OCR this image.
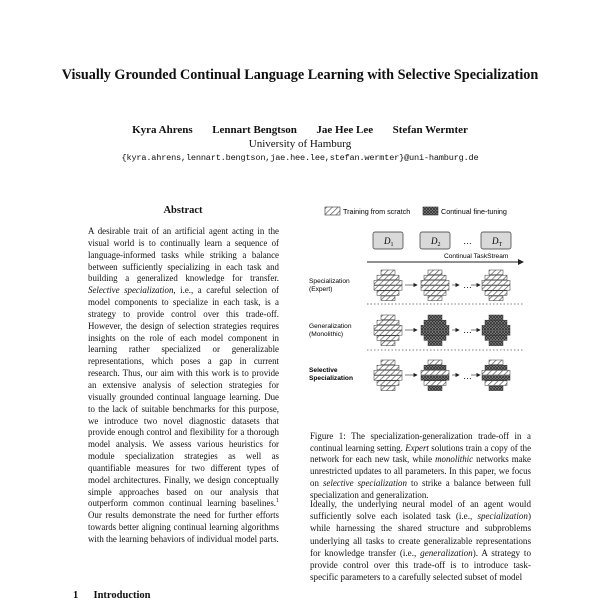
Visually Grounded Continual Language Learning with Selective Specialization
Kyra Ahrens Lennart Bengtson Jae Hee Lee Stefan Wermter
University of Hamburg
{kyra.ahrens,lennart.bengtson,jae.hee.lee,stefan.wermter}@uni-hamburg.de
Abstract

A desirable trait of an artificial agent acting in the visual world is to continually learn a sequence of language-informed tasks while striking a balance between sufficiently specializing in each task and building a generalized knowledge for transfer. Selective specialization, i.e., a careful selection of model components to specialize in each task, is a strategy to provide control over this trade-off. However, the design of selection strategies requires insights on the role of each model component in learning rather specialized or generalizable representations, which poses a gap in current research. Thus, our aim with this work is to provide an extensive analysis of selection strategies for visually grounded continual language learning. Due to the lack of suitable benchmarks for this purpose, we introduce two novel diagnostic datasets that provide enough control and flexibility for a thorough model analysis. We assess various heuristics for module specialization strategies as well as quantifiable measures for two different types of model architectures. Finally, we design conceptually simple approaches based on our analysis that outperform common continual learning baselines.$^1$ Our results demonstrate the need for further efforts towards better aligning continual learning algorithms with the learning behaviors of individual model parts.

1 Introduction
Training from scratch	Continual fine-tuning
$D_1$	$D_2$	… $D_T$
Continual TaskStream
Specialization (Expert)
Generalization (Monolithic)
Selective Specialization
…
…
…
Figure 1: The specialization-generalization trade-off in a continual learning setting. Expert solutions train a copy of the network for each new task, while monolithic networks make unrestricted updates to all parameters. In this paper, we focus on selective specialization to strike a balance between full specialization and generalization.
Ideally, the underlying neural model of an agent would sufficiently solve each isolated task (i.e., specialization) while harnessing the shared structure and subproblems underlying all tasks to create generalizable representations for knowledge transfer (i.e., generalization). A strategy to provide control over this trade-off is to introduce task-specific parameters to a carefully selected subset of model
